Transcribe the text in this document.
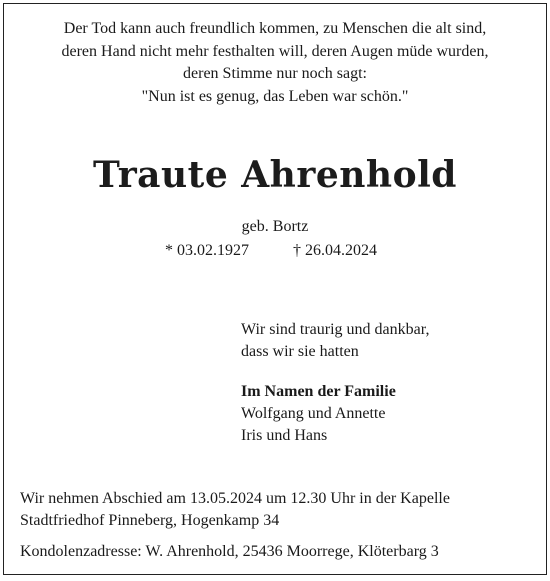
Der Tod kann auch freundlich kommen, zu Menschen die alt sind,
deren Hand nicht mehr festhalten will, deren Augen müde wurden,
deren Stimme nur noch sagt:
"Nun ist es genug, das Leben war schön."
Traute Ahrenhold
geb. Bortz
* 03.02.1927	† 26.04.2024
Wir sind traurig und dankbar,
dass wir sie hatten
Im Namen der Familie
Wolfgang und Annette
Iris und Hans
Wir nehmen Abschied am 13.05.2024 um 12.30 Uhr in der Kapelle
Stadtfriedhof Pinneberg, Hogenkamp 34
Kondolenzadresse: W. Ahrenhold, 25436 Moorrege, Klöterbarg 3
